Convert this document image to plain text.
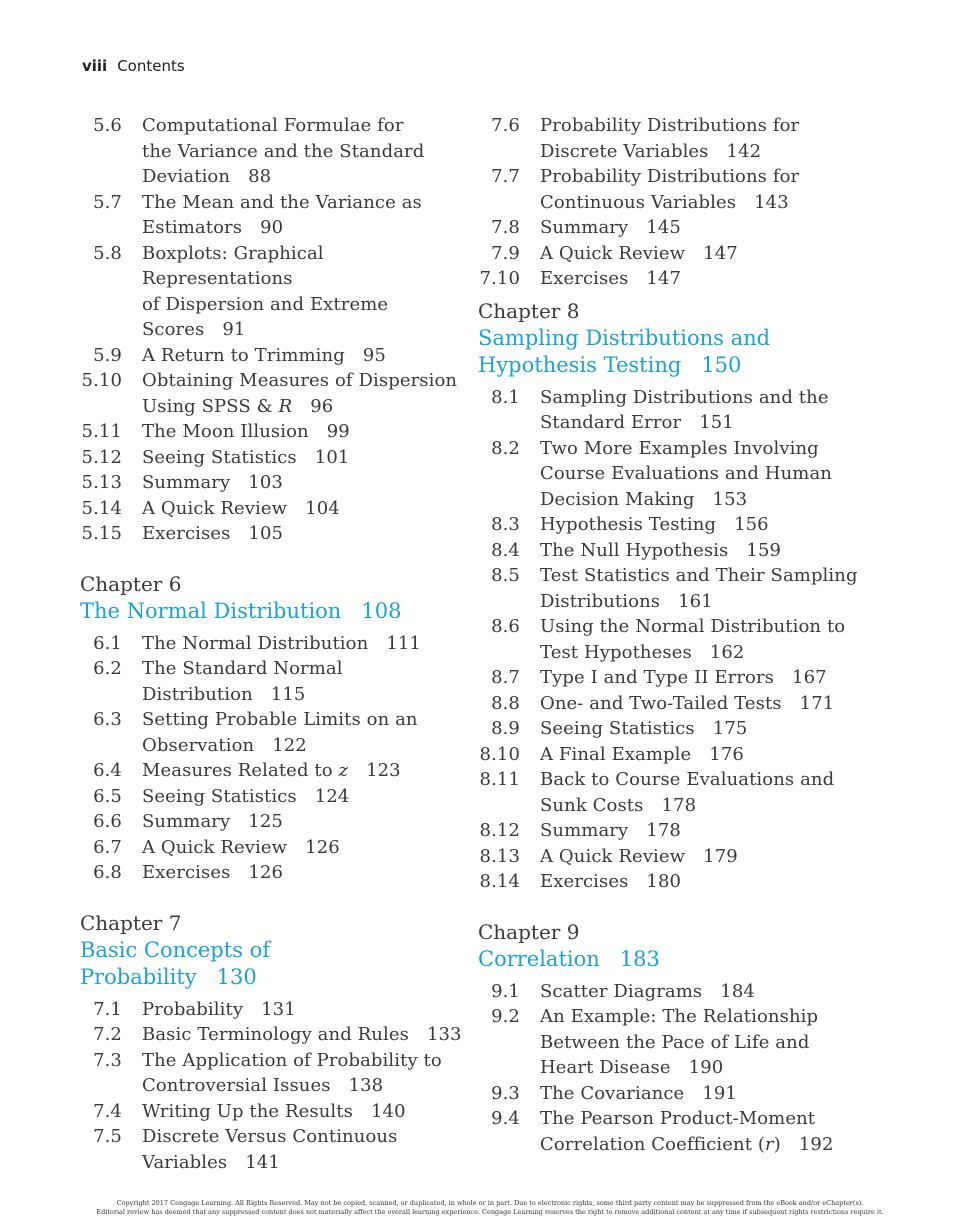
viii Contents
5.6 Computational Formulae for
the Variance and the Standard
Deviation 88
5.7 The Mean and the Variance as
Estimators 90
5.8 Boxplots: Graphical Representations
of Dispersion and Extreme
Scores 91
5.9 A Return to Trimming 95
5.10 Obtaining Measures of Dispersion
Using SPSS & R 96
5.11 The Moon Illusion 99
5.12 Seeing Statistics 101
5.13 Summary 103
5.14 A Quick Review 104
5.15 Exercises 105
Chapter 6
The Normal Distribution 108
6.1 The Normal Distribution 111
6.2 The Standard Normal
Distribution 115
6.3 Setting Probable Limits on an
Observation 122
6.4 Measures Related to z 123
6.5 Seeing Statistics 124
6.6 Summary 125
6.7 A Quick Review 126
6.8 Exercises 126
Chapter 7
Basic Concepts of
Probability 130
7.1 Probability 131
7.2 Basic Terminology and Rules 133
7.3 The Application of Probability to
Controversial Issues 138
7.4 Writing Up the Results 140
7.5 Discrete Versus Continuous
Variables 141
7.6 Probability Distributions for
Discrete Variables 142
7.7 Probability Distributions for
Continuous Variables 143
7.8 Summary 145
7.9 A Quick Review 147
7.10 Exercises 147
Chapter 8
Sampling Distributions and
Hypothesis Testing 150
8.1 Sampling Distributions and the
Standard Error 151
8.2 Two More Examples Involving
Course Evaluations and Human
Decision Making 153
8.3 Hypothesis Testing 156
8.4 The Null Hypothesis 159
8.5 Test Statistics and Their Sampling
Distributions 161
8.6 Using the Normal Distribution to
Test Hypotheses 162
8.7 Type I and Type II Errors 167
8.8 One- and Two-Tailed Tests 171
8.9 Seeing Statistics 175
8.10 A Final Example 176
8.11 Back to Course Evaluations and
Sunk Costs 178
8.12 Summary 178
8.13 A Quick Review 179
8.14 Exercises 180
Chapter 9
Correlation 183
9.1 Scatter Diagrams 184
9.2 An Example: The Relationship
Between the Pace of Life and
Heart Disease 190
9.3 The Covariance 191
9.4 The Pearson Product-Moment
Correlation Coefficient (r) 192
Copyright 2017 Cengage Learning. All Rights Reserved. May not be copied, scanned, or duplicated, in whole or in part. Due to electronic rights, some third party content may be suppressed from the eBook and/or eChapter(s).
Editorial review has deemed that any suppressed content does not materially affect the overall learning experience. Cengage Learning reserves the right to remove additional content at any time if subsequent rights restrictions require it.
